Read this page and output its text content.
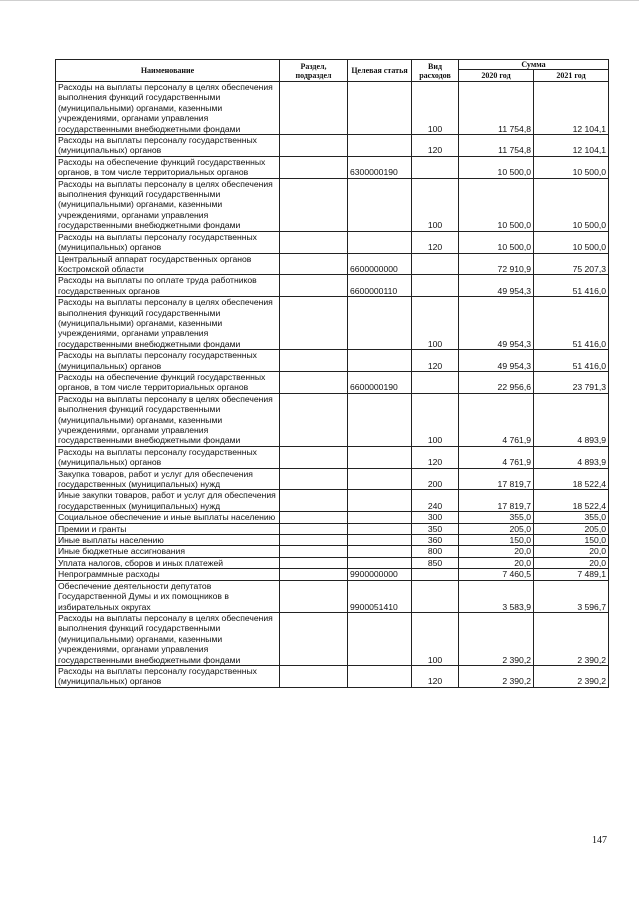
Наименование	Раздел, подраздел	Целевая статья	Вид расходов	Сумма	
				2020 год	2021 год
Расходы на выплаты персоналу в целях обеспечения выполнения функций государственными (муниципальными) органами, казенными учреждениями, органами управления государственными внебюджетными фондами			100	11 754,8	12 104,1
Расходы на выплаты персоналу государственных (муниципальных) органов			120	11 754,8	12 104,1
Расходы на обеспечение функций государственных органов, в том числе территориальных органов		6300000190		10 500,0	10 500,0
Расходы на выплаты персоналу в целях обеспечения выполнения функций государственными (муниципальными) органами, казенными учреждениями, органами управления государственными внебюджетными фондами			100	10 500,0	10 500,0
Расходы на выплаты персоналу государственных (муниципальных) органов			120	10 500,0	10 500,0
Центральный аппарат государственных органов Костромской области		6600000000		72 910,9	75 207,3
Расходы на выплаты по оплате труда работников государственных органов		6600000110		49 954,3	51 416,0
Расходы на выплаты персоналу в целях обеспечения выполнения функций государственными (муниципальными) органами, казенными учреждениями, органами управления государственными внебюджетными фондами			100	49 954,3	51 416,0
Расходы на выплаты персоналу государственных (муниципальных) органов			120	49 954,3	51 416,0
Расходы на обеспечение функций государственных органов, в том числе территориальных органов		6600000190		22 956,6	23 791,3
Расходы на выплаты персоналу в целях обеспечения выполнения функций государственными (муниципальными) органами, казенными учреждениями, органами управления государственными внебюджетными фондами			100	4 761,9	4 893,9
Расходы на выплаты персоналу государственных (муниципальных) органов			120	4 761,9	4 893,9
Закупка товаров, работ и услуг для обеспечения государственных (муниципальных) нужд			200	17 819,7	18 522,4
Иные закупки товаров, работ и услуг для обеспечения государственных (муниципальных) нужд			240	17 819,7	18 522,4
Социальное обеспечение и иные выплаты населению			300	355,0	355,0
Премии и гранты			350	205,0	205,0
Иные выплаты населению			360	150,0	150,0
Иные бюджетные ассигнования			800	20,0	20,0
Уплата налогов, сборов и иных платежей			850	20,0	20,0
Непрограммные расходы		9900000000		7 460,5	7 489,1
Обеспечение деятельности депутатов Государственной Думы и их помощников в избирательных округах		9900051410		3 583,9	3 596,7
Расходы на выплаты персоналу в целях обеспечения выполнения функций государственными (муниципальными) органами, казенными учреждениями, органами управления государственными внебюджетными фондами			100	2 390,2	2 390,2
Расходы на выплаты персоналу государственных (муниципальных) органов			120	2 390,2	2 390,2
147
